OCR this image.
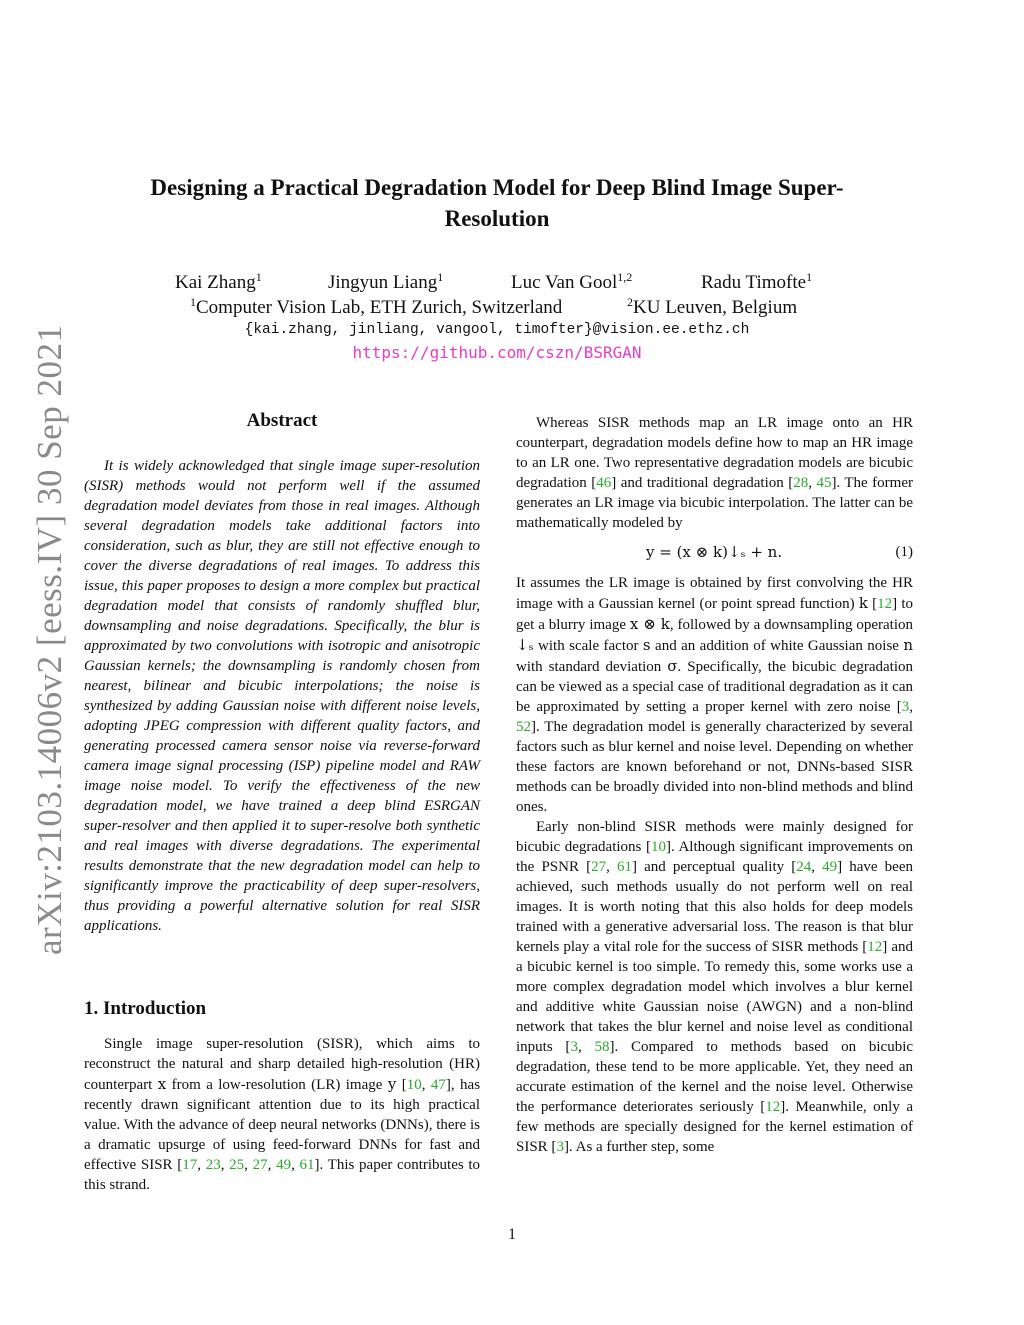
arXiv:2103.14006v2 [eess.IV] 30 Sep 2021
Designing a Practical Degradation Model for Deep Blind Image Super-Resolution
Kai Zhang$^1$	Jingyun Liang$^1$	Luc Van Gool$^{1,2}$	Radu Timofte$^1$
$^1$Computer Vision Lab, ETH Zurich, Switzerland	$^2$KU Leuven, Belgium
{kai.zhang, jinliang, vangool, timofter}@vision.ee.ethz.ch
https://github.com/cszn/BSRGAN
Abstract

It is widely acknowledged that single image super-resolution (SISR) methods would not perform well if the assumed degradation model deviates from those in real images. Although several degradation models take additional factors into consideration, such as blur, they are still not effective enough to cover the diverse degradations of real images. To address this issue, this paper proposes to design a more complex but practical degradation model that consists of randomly shuffled blur, downsampling and noise degradations. Specifically, the blur is approximated by two convolutions with isotropic and anisotropic Gaussian kernels; the downsampling is randomly chosen from nearest, bilinear and bicubic interpolations; the noise is synthesized by adding Gaussian noise with different noise levels, adopting JPEG compression with different quality factors, and generating processed camera sensor noise via reverse-forward camera image signal processing (ISP) pipeline model and RAW image noise model. To verify the effectiveness of the new degradation model, we have trained a deep blind ESRGAN super-resolver and then applied it to super-resolve both synthetic and real images with diverse degradations. The experimental results demonstrate that the new degradation model can help to significantly improve the practicability of deep super-resolvers, thus providing a powerful alternative solution for real SISR applications.

1. Introduction

Single image super-resolution (SISR), which aims to reconstruct the natural and sharp detailed high-resolution (HR) counterpart x from a low-resolution (LR) image y [10, 47], has recently drawn significant attention due to its high practical value. With the advance of deep neural networks (DNNs), there is a dramatic upsurge of using feed-forward DNNs for fast and effective SISR [17, 23, 25, 27, 49, 61]. This paper contributes to this strand.

Whereas SISR methods map an LR image onto an HR counterpart, degradation models define how to map an HR image to an LR one. Two representative degradation models are bicubic degradation [46] and traditional degradation [28, 45]. The former generates an LR image via bicubic interpolation. The latter can be mathematically modeled by

y = (x ⊗ k)↓ₛ + n.	(1)

It assumes the LR image is obtained by first convolving the HR image with a Gaussian kernel (or point spread function) k [12] to get a blurry image x ⊗ k, followed by a downsampling operation ↓ₛ with scale factor s and an addition of white Gaussian noise n with standard deviation σ. Specifically, the bicubic degradation can be viewed as a special case of traditional degradation as it can be approximated by setting a proper kernel with zero noise [3, 52]. The degradation model is generally characterized by several factors such as blur kernel and noise level. Depending on whether these factors are known beforehand or not, DNNs-based SISR methods can be broadly divided into non-blind methods and blind ones.

Early non-blind SISR methods were mainly designed for bicubic degradations [10]. Although significant improvements on the PSNR [27, 61] and perceptual quality [24, 49] have been achieved, such methods usually do not perform well on real images. It is worth noting that this also holds for deep models trained with a generative adversarial loss. The reason is that blur kernels play a vital role for the success of SISR methods [12] and a bicubic kernel is too simple. To remedy this, some works use a more complex degradation model which involves a blur kernel and additive white Gaussian noise (AWGN) and a non-blind network that takes the blur kernel and noise level as conditional inputs [3, 58]. Compared to methods based on bicubic degradation, these tend to be more applicable. Yet, they need an accurate estimation of the kernel and the noise level. Otherwise the performance deteriorates seriously [12]. Meanwhile, only a few methods are specially designed for the kernel estimation of SISR [3]. As a further step, some

1
